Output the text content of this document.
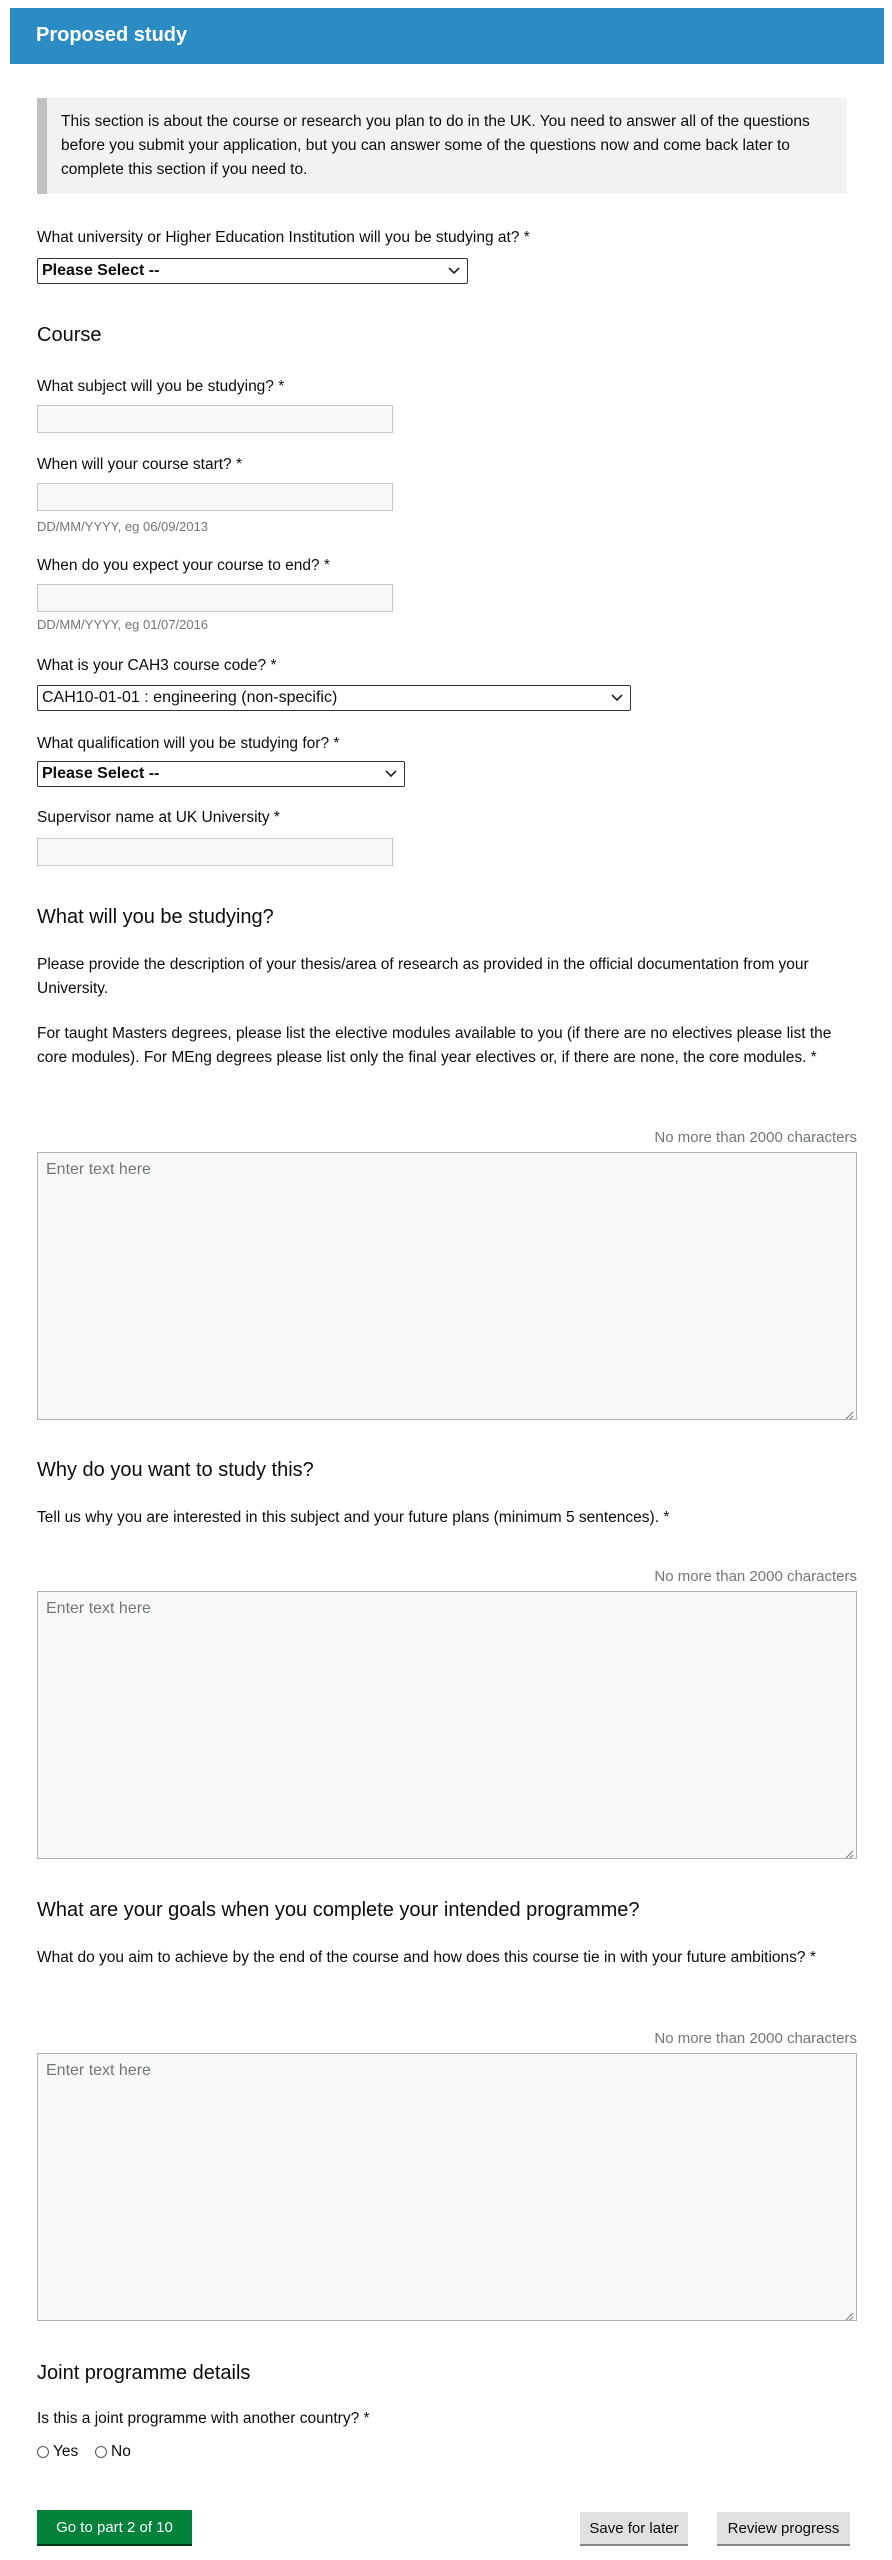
Proposed study

This section is about the course or research you plan to do in the UK. You need to answer all of the questions before you submit your application, but you can answer some of the questions now and come back later to complete this section if you need to.

What university or Higher Education Institution will you be studying at? *
Please Select --
Course
What subject will you be studying? *
When will your course start? *
DD/MM/YYYY, eg 06/09/2013
When do you expect your course to end? *
DD/MM/YYYY, eg 01/07/2016
What is your CAH3 course code? *
CAH10-01-01 : engineering (non-specific)
What qualification will you be studying for? *
Please Select --
Supervisor name at UK University *
What will you be studying?
Please provide the description of your thesis/area of research as provided in the official documentation from your University.
For taught Masters degrees, please list the elective modules available to you (if there are no electives please list the core modules). For MEng degrees please list only the final year electives or, if there are none, the core modules. *
No more than 2000 characters
Enter text here
Why do you want to study this?
Tell us why you are interested in this subject and your future plans (minimum 5 sentences). *
No more than 2000 characters
Enter text here
What are your goals when you complete your intended programme?
What do you aim to achieve by the end of the course and how does this course tie in with your future ambitions? *
No more than 2000 characters
Enter text here
Joint programme details
Is this a joint programme with another country? *
Yes No
Go to part 2 of 10	Save for later	Review progress
